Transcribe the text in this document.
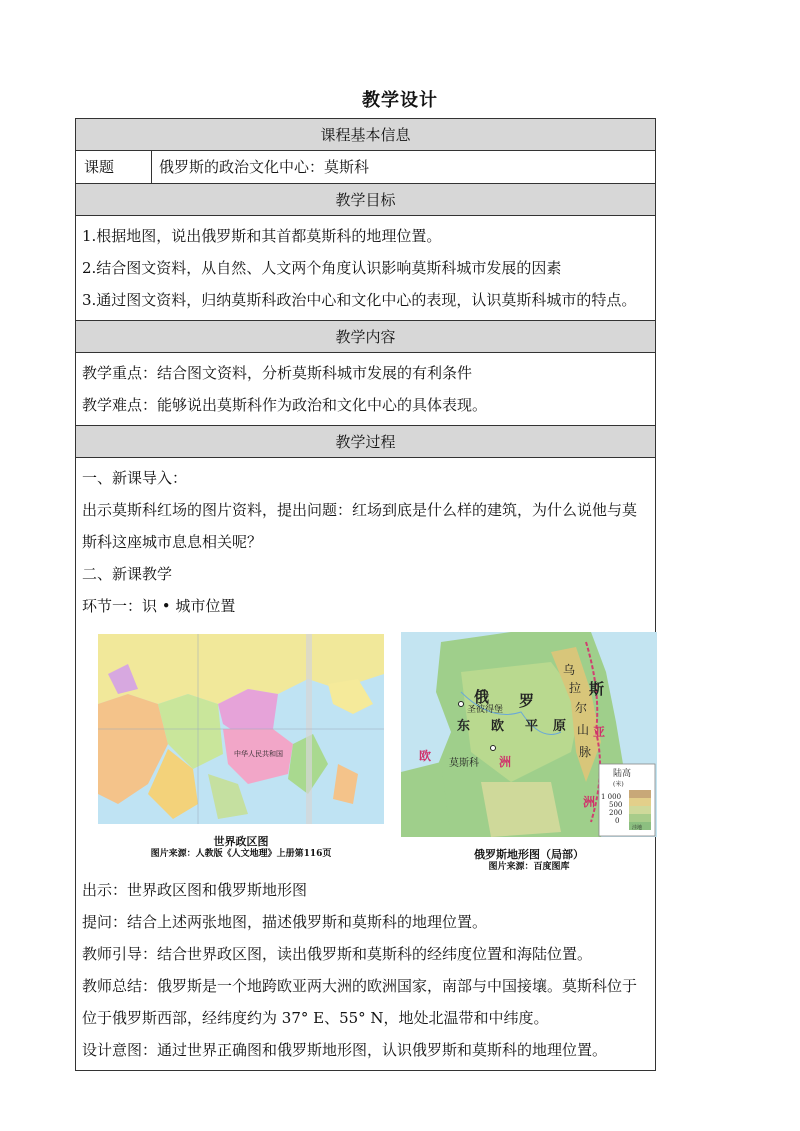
教学设计
课程基本信息
课题	俄罗斯的政治文化中心：莫斯科
教学目标

1.根据地图，说出俄罗斯和其首都莫斯科的地理位置。

2.结合图文资料，从自然、人文两个角度认识影响莫斯科城市发展的因素

3.通过图文资料，归纳莫斯科政治中心和文化中心的表现，认识莫斯科城市的特点。

教学内容

教学重点：结合图文资料，分析莫斯科城市发展的有利条件

教学难点：能够说出莫斯科作为政治和文化中心的具体表现。

教学过程

一、新课导入：

出示莫斯科红场的图片资料，提出问题：红场到底是什么样的建筑，为什么说他与莫斯科这座城市息息相关呢？

二、新课教学

环节一：识 • 城市位置

中华人民共和国
世界政区图
图片来源：人教版《人文地理》上册第116页
俄 罗
斯
东 欧 平 原
莫斯科
圣彼得堡
乌
拉
尔
山
脉
欧	洲
亚
洲
陆高
(米)
1 000
500
200
0
洼地
俄罗斯地形图（局部）
图片来源：百度图库

出示：世界政区图和俄罗斯地形图

提问：结合上述两张地图，描述俄罗斯和莫斯科的地理位置。

教师引导：结合世界政区图，读出俄罗斯和莫斯科的经纬度位置和海陆位置。

教师总结：俄罗斯是一个地跨欧亚两大洲的欧洲国家，南部与中国接壤。莫斯科位于位于俄罗斯西部，经纬度约为 37° E、55° N，地处北温带和中纬度。

设计意图：通过世界正确图和俄罗斯地形图，认识俄罗斯和莫斯科的地理位置。
